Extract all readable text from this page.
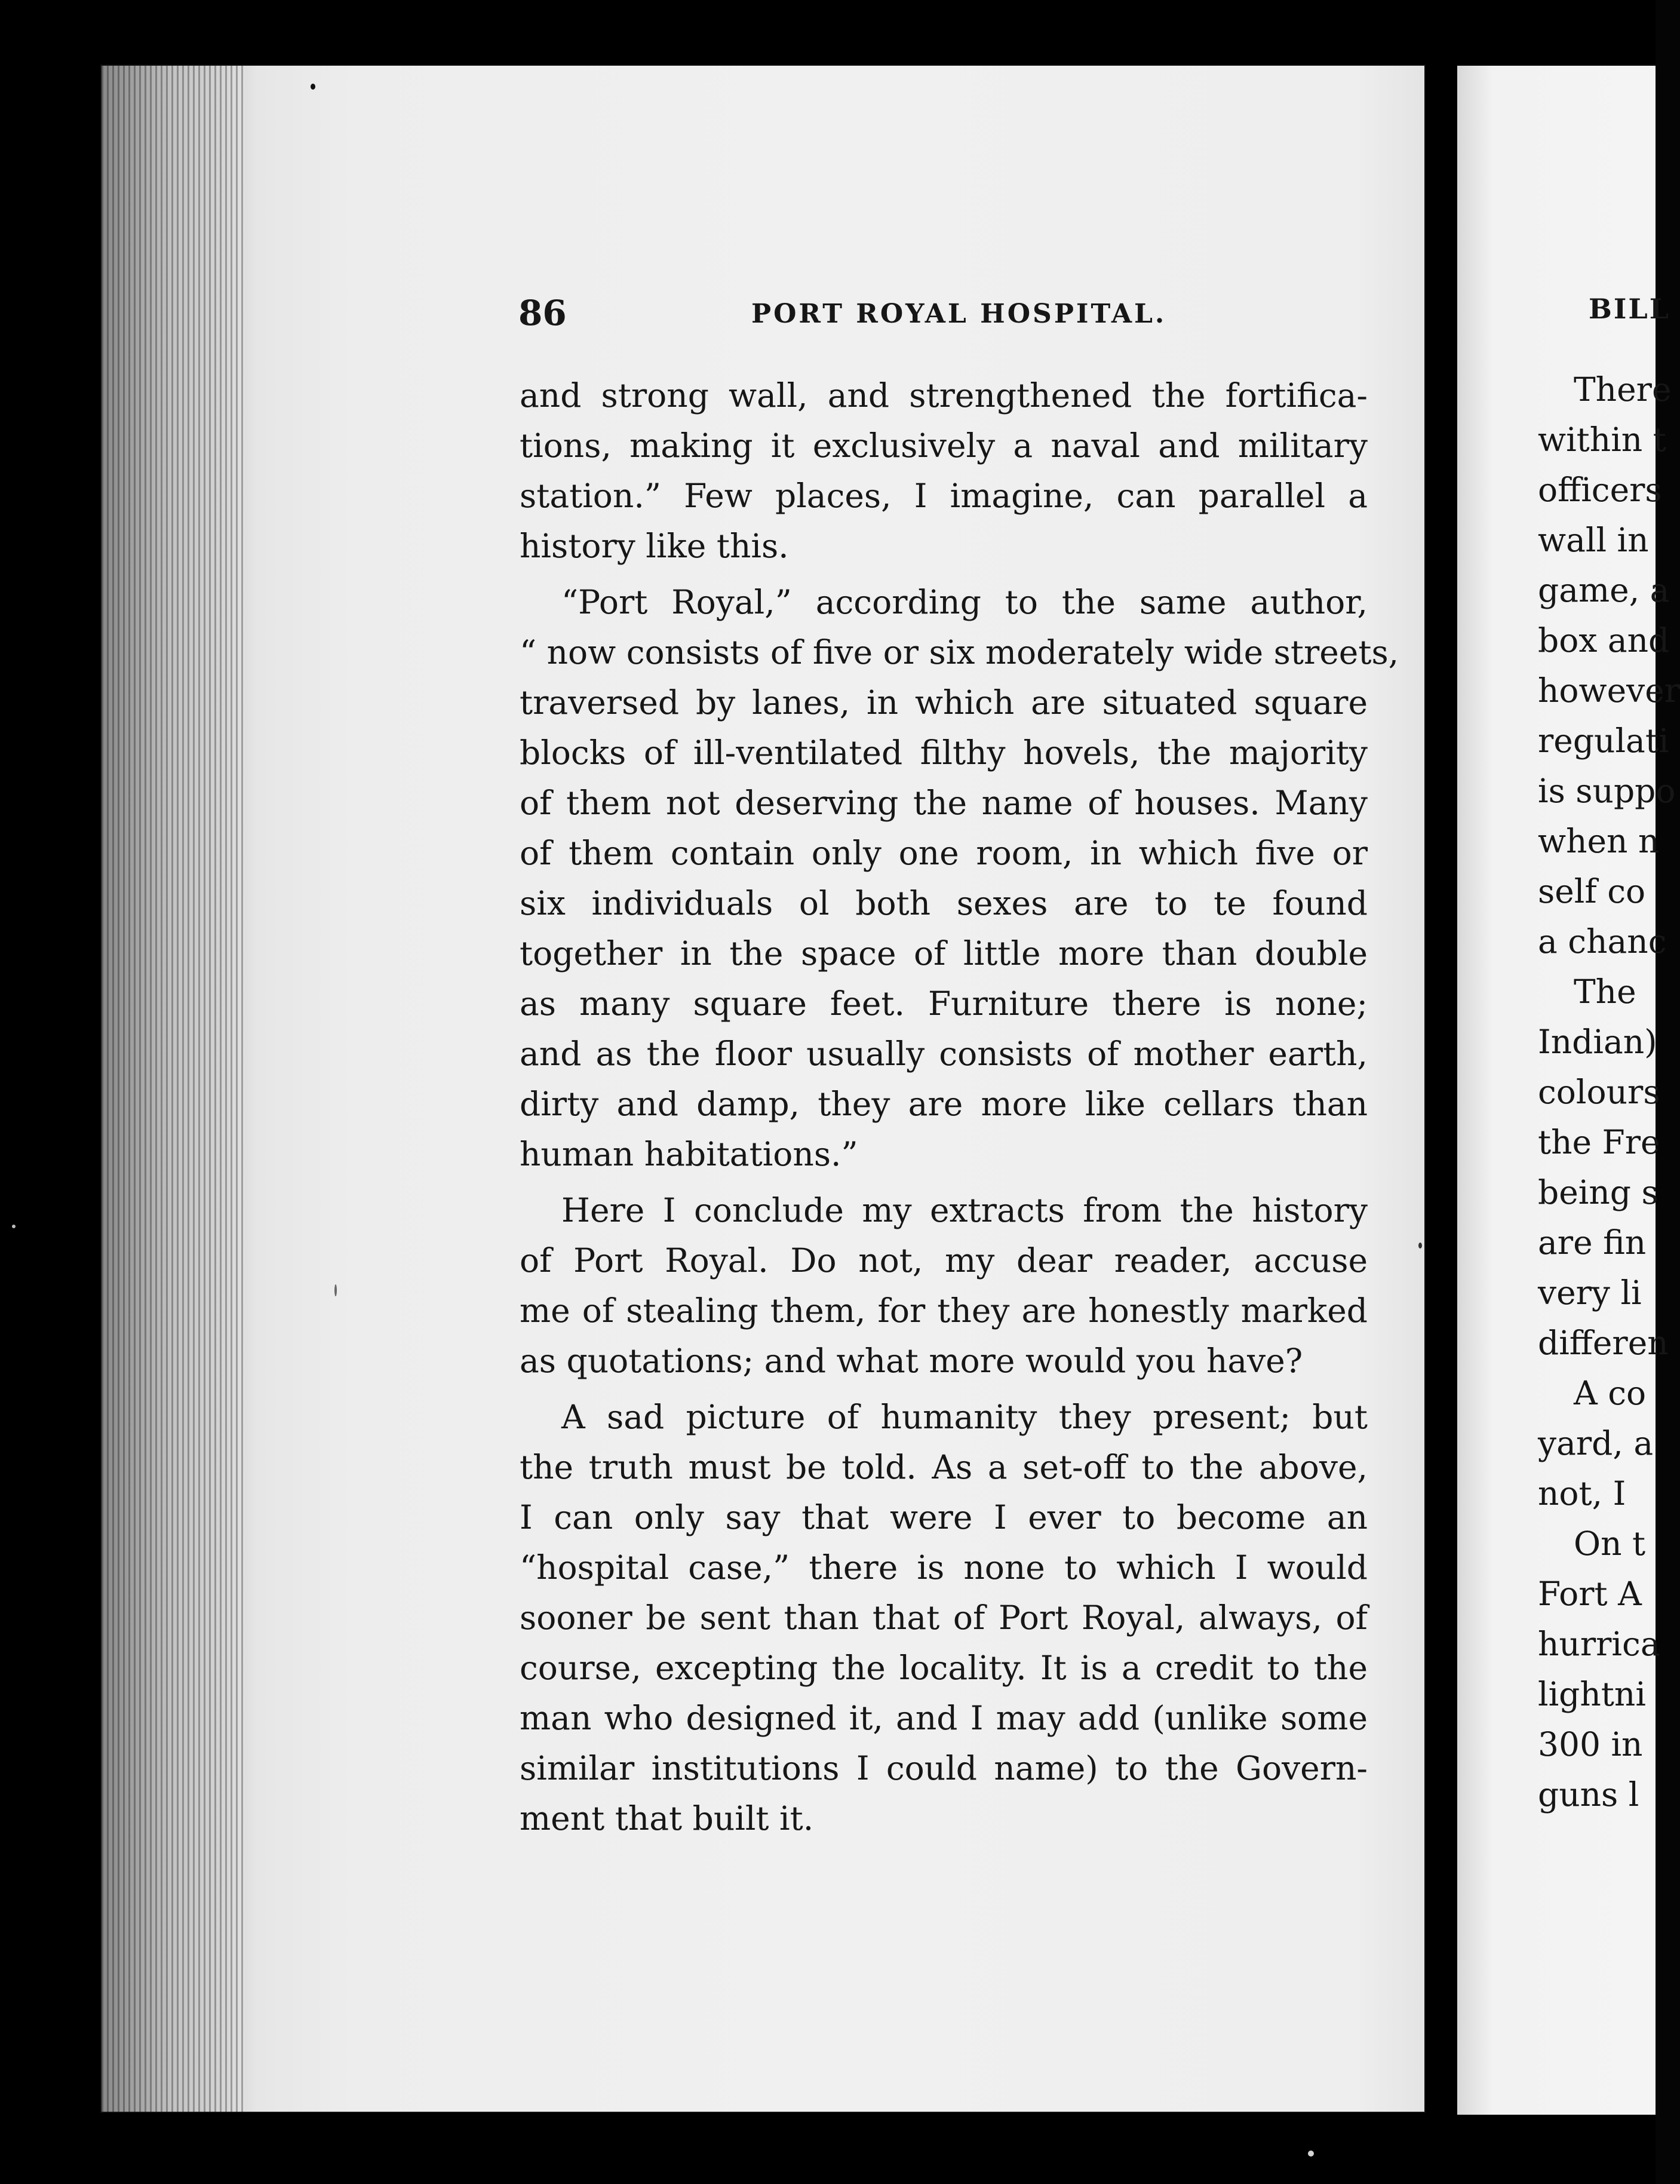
86	PORT ROYAL HOSPITAL.
and strong wall, and strengthened the fortifica-
tions, making it exclusively a naval and military
station.” Few places, I imagine, can parallel a
history like this.
“Port Royal,” according to the same author,
“ now consists of five or six moderately wide streets,
traversed by lanes, in which are situated square
blocks of ill-ventilated filthy hovels, the majority
of them not deserving the name of houses. Many
of them contain only one room, in which five or
six individuals ol both sexes are to te found
together in the space of little more than double
as many square feet. Furniture there is none;
and as the floor usually consists of mother earth,
dirty and damp, they are more like cellars than
human habitations.”
Here I conclude my extracts from the history
of Port Royal. Do not, my dear reader, accuse
me of stealing them, for they are honestly marked
as quotations; and what more would you have?
A sad picture of humanity they present; but
the truth must be told. As a set-off to the above,
I can only say that were I ever to become an
“hospital case,” there is none to which I would
sooner be sent than that of Port Royal, always, of
course, excepting the locality. It is a credit to the
man who designed it, and I may add (unlike some
similar institutions I could name) to the Govern-
ment that built it.
BILL
There
within t
officers
wall in
game, a
box and
however
regulati
is suppo
when n
self co
a chanc
The
Indian)
colours
the Fre
being s
are fin
very li
differen
A co
yard, a
not, I
On t
Fort A
hurrica
lightni
300 in
guns l
